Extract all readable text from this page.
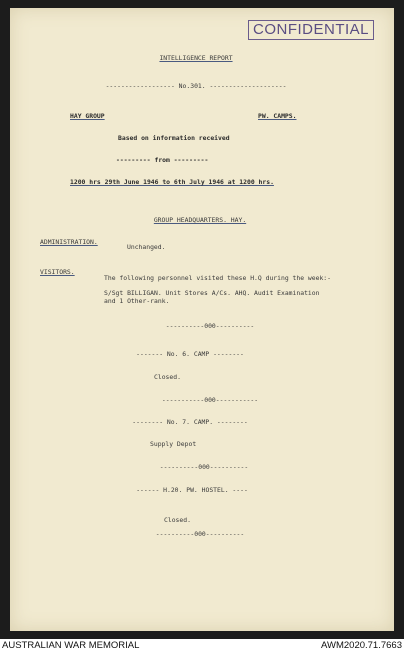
CONFIDENTIAL
INTELLIGENCE REPORT
------------------ No.301. --------------------
HAY GROUP	PW. CAMPS.
Based on information received
--------- from ---------
1200 hrs 29th June 1946 to 6th July 1946 at 1200 hrs.
GROUP HEADQUARTERS. HAY.
ADMINISTRATION.
Unchanged.
VISITORS.
The following personnel visited these H.Q during the week:-
S/Sgt BILLIGAN. Unit Stores A/Cs. AHQ. Audit Examination
and 1 Other-rank.
----------000----------
------- No. 6. CAMP --------
Closed.
-----------000-----------
-------- No. 7. CAMP. --------
Supply Depot
----------000----------
------ H.20. PW. HOSTEL. ----
Closed.
----------000----------
AUSTRALIAN WAR MEMORIAL	AWM2020.71.7663
